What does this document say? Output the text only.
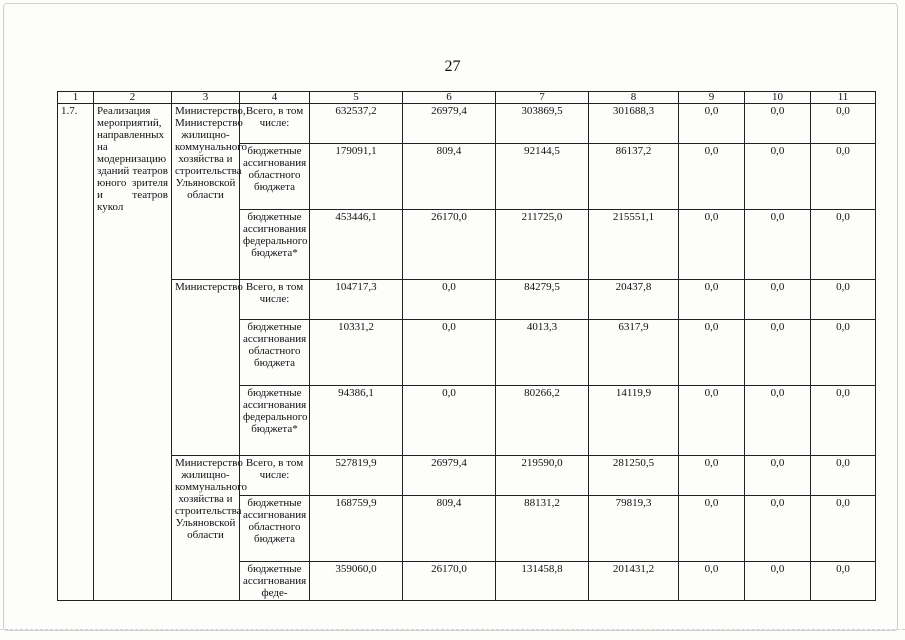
27
1	2	3	4	5	6	7	8	9	10	11
1.7.	Реализация мероприятий, направленных на модернизацию зданий театров юного зрителя и театров кукол	Министерство, Министерство жилищно-коммунального хозяйства и строительства Ульяновской области	Всего, в том числе:	632537,2	26979,4	303869,5	301688,3	0,0	0,0	0,0
			бюджетные ассигнования областного бюджета	179091,1	809,4	92144,5	86137,2	0,0	0,0	0,0
			бюджетные ассигнования федерального бюджета*	453446,1	26170,0	211725,0	215551,1	0,0	0,0	0,0
		Министерство	Всего, в том числе:	104717,3	0,0	84279,5	20437,8	0,0	0,0	0,0
			бюджетные ассигнования областного бюджета	10331,2	0,0	4013,3	6317,9	0,0	0,0	0,0
			бюджетные ассигнования федерального бюджета*	94386,1	0,0	80266,2	14119,9	0,0	0,0	0,0
		Министерство жилищно-коммунального хозяйства и строительства Ульяновской области	Всего, в том числе:	527819,9	26979,4	219590,0	281250,5	0,0	0,0	0,0
			бюджетные ассигнования областного бюджета	168759,9	809,4	88131,2	79819,3	0,0	0,0	0,0
			бюджетные ассигнования феде-	359060,0	26170,0	131458,8	201431,2	0,0	0,0	0,0
